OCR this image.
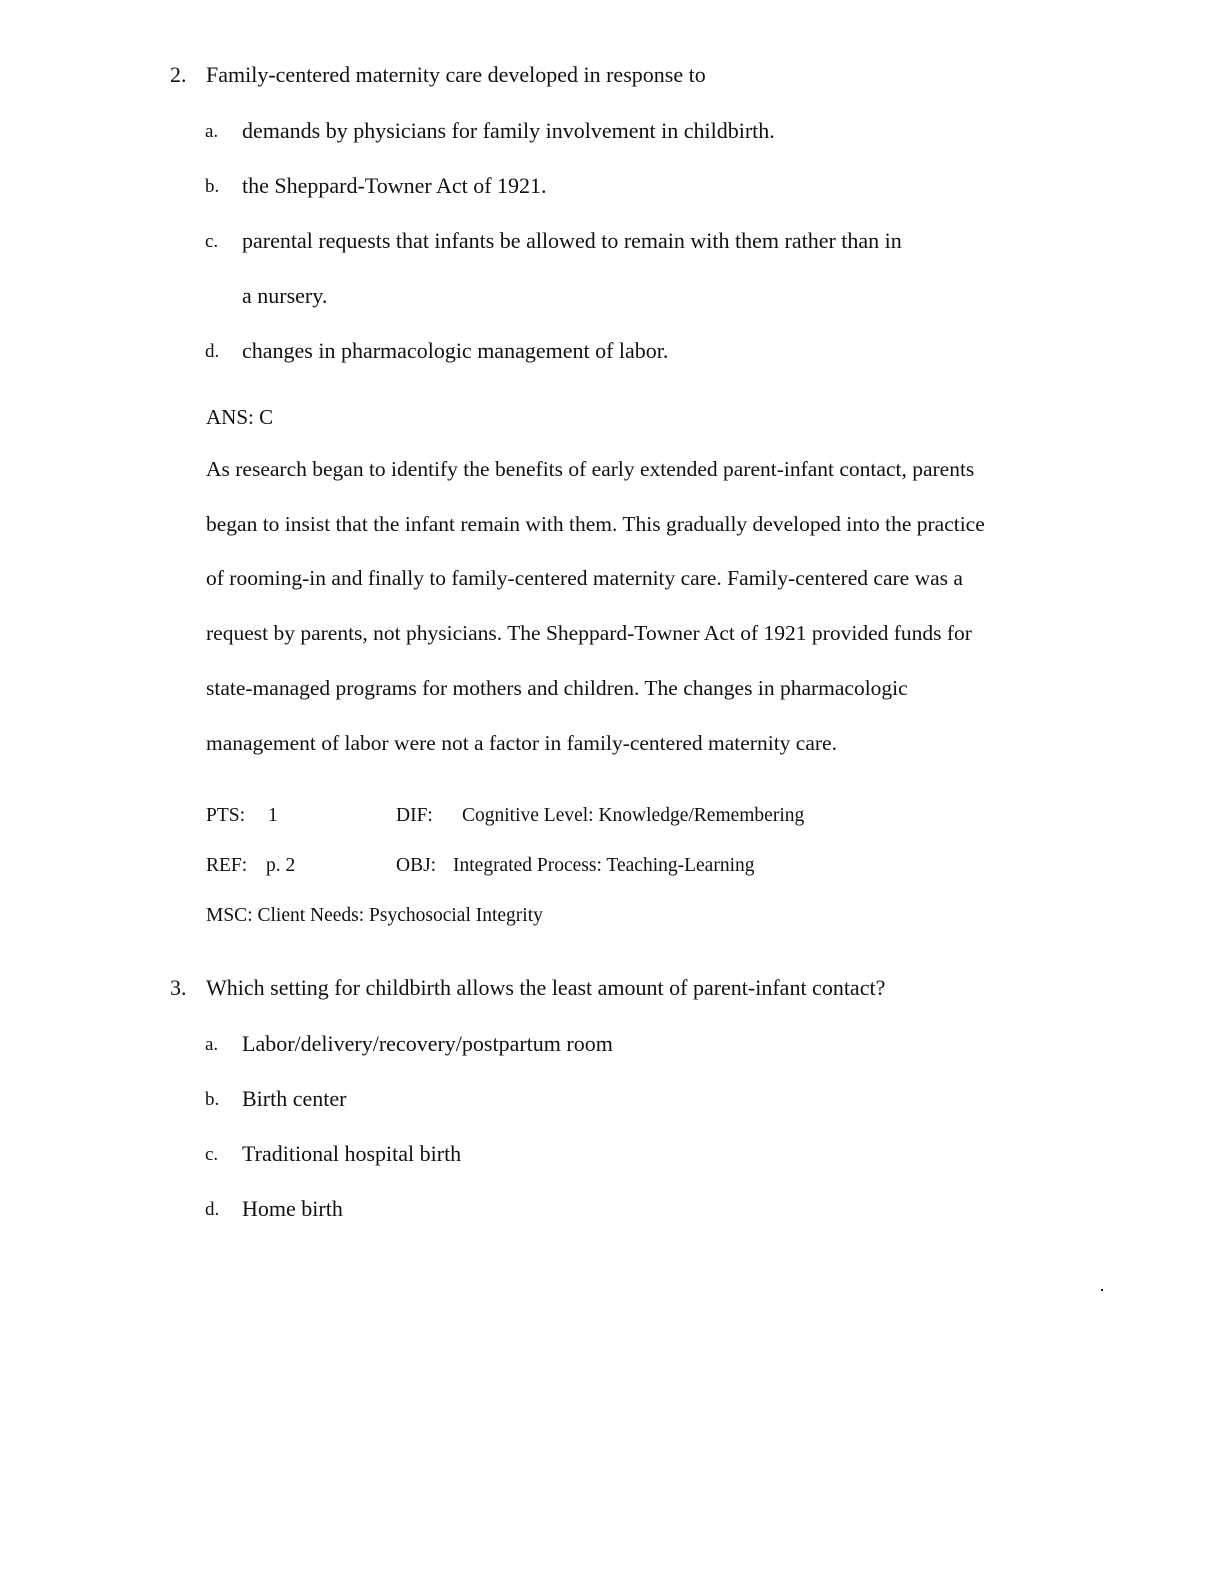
2. Family-centered maternity care developed in response to
a. demands by physicians for family involvement in childbirth.
b. the Sheppard-Towner Act of 1921.
c. parental requests that infants be allowed to remain with them rather than in
a nursery.
d. changes in pharmacologic management of labor.
ANS: C
As research began to identify the benefits of early extended parent-infant contact, parents
began to insist that the infant remain with them. This gradually developed into the practice
of rooming-in and finally to family-centered maternity care. Family-centered care was a
request by parents, not physicians. The Sheppard-Towner Act of 1921 provided funds for
state-managed programs for mothers and children. The changes in pharmacologic
management of labor were not a factor in family-centered maternity care.
PTS: 1	DIF: Cognitive Level: Knowledge/Remembering
REF: p. 2	OBJ: Integrated Process: Teaching-Learning
MSC: Client Needs: Psychosocial Integrity
3. Which setting for childbirth allows the least amount of parent-infant contact?
a. Labor/delivery/recovery/postpartum room
b. Birth center
c. Traditional hospital birth
d. Home birth
